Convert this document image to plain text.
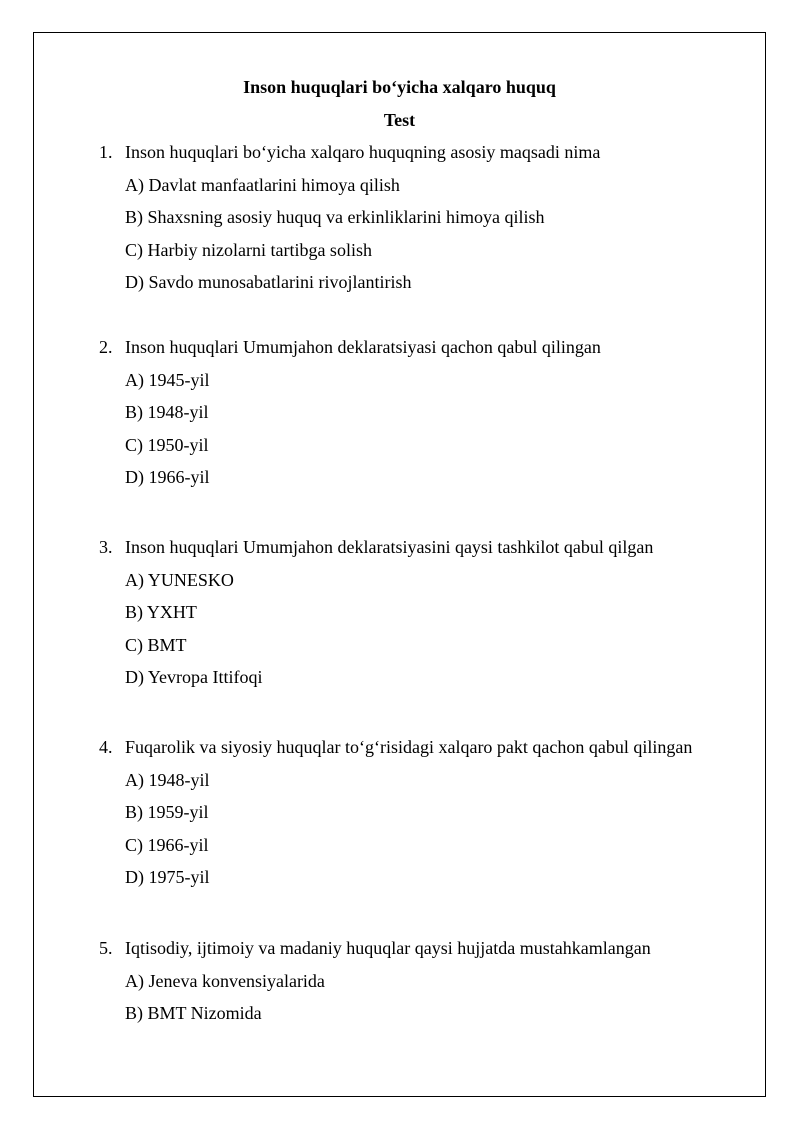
Inson huquqlari bo‘yicha xalqaro huquq
Test
1. Inson huquqlari bo‘yicha xalqaro huquqning asosiy maqsadi nima
A) Davlat manfaatlarini himoya qilish
B) Shaxsning asosiy huquq va erkinliklarini himoya qilish
C) Harbiy nizolarni tartibga solish
D) Savdo munosabatlarini rivojlantirish
2. Inson huquqlari Umumjahon deklaratsiyasi qachon qabul qilingan
A) 1945-yil
B) 1948-yil
C) 1950-yil
D) 1966-yil
3. Inson huquqlari Umumjahon deklaratsiyasini qaysi tashkilot qabul qilgan
A) YUNESKO
B) YXHT
C) BMT
D) Yevropa Ittifoqi
4. Fuqarolik va siyosiy huquqlar to‘g‘risidagi xalqaro pakt qachon qabul qilingan
A) 1948-yil
B) 1959-yil
C) 1966-yil
D) 1975-yil
5. Iqtisodiy, ijtimoiy va madaniy huquqlar qaysi hujjatda mustahkamlangan
A) Jeneva konvensiyalarida
B) BMT Nizomida
